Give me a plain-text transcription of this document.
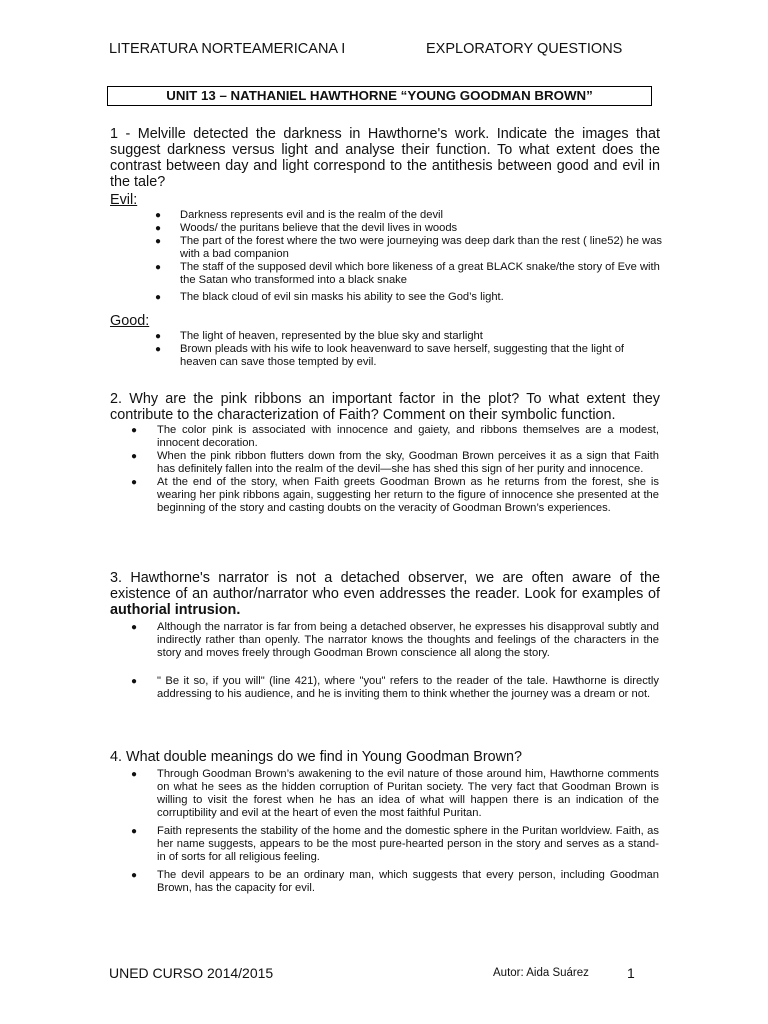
LITERATURA NORTEAMERICANA I	EXPLORATORY QUESTIONS
UNIT 13 – NATHANIEL HAWTHORNE “YOUNG GOODMAN BROWN”
1 - Melville detected the darkness in Hawthorne's work. Indicate the images that suggest darkness versus light and analyse their function. To what extent does the contrast between day and light correspond to the antithesis between good and evil in the tale?
Evil:
● Darkness represents evil and is the realm of the devil
● Woods/ the puritans believe that the devil lives in woods
● The part of the forest where the two were journeying was deep dark than the rest ( line52) he was with a bad companion
● The staff of the supposed devil which bore likeness of a great BLACK snake/the story of Eve with the Satan who transformed into a black snake
● The black cloud of evil sin masks his ability to see the God’s light.
Good:
● The light of heaven, represented by the blue sky and starlight
● Brown pleads with his wife to look heavenward to save herself, suggesting that the light of heaven can save those tempted by evil.
2. Why are the pink ribbons an important factor in the plot? To what extent they contribute to the characterization of Faith? Comment on their symbolic function.
● The color pink is associated with innocence and gaiety, and ribbons themselves are a modest, innocent decoration.
● When the pink ribbon flutters down from the sky, Goodman Brown perceives it as a sign that Faith has definitely fallen into the realm of the devil—she has shed this sign of her purity and innocence.
● At the end of the story, when Faith greets Goodman Brown as he returns from the forest, she is wearing her pink ribbons again, suggesting her return to the figure of innocence she presented at the beginning of the story and casting doubts on the veracity of Goodman Brown’s experiences.
3. Hawthorne's narrator is not a detached observer, we are often aware of the existence of an author/narrator who even addresses the reader. Look for examples of authorial intrusion.
● Although the narrator is far from being a detached observer, he expresses his disapproval subtly and indirectly rather than openly. The narrator knows the thoughts and feelings of the characters in the story and moves freely through Goodman Brown conscience all along the story.
● " Be it so, if you will" (line 421), where "you" refers to the reader of the tale. Hawthorne is directly addressing to his audience, and he is inviting them to think whether the journey was a dream or not.
4. What double meanings do we find in Young Goodman Brown?
● Through Goodman Brown’s awakening to the evil nature of those around him, Hawthorne comments on what he sees as the hidden corruption of Puritan society. The very fact that Goodman Brown is willing to visit the forest when he has an idea of what will happen there is an indication of the corruptibility and evil at the heart of even the most faithful Puritan.
● Faith represents the stability of the home and the domestic sphere in the Puritan worldview. Faith, as her name suggests, appears to be the most pure-hearted person in the story and serves as a stand-in of sorts for all religious feeling.
● The devil appears to be an ordinary man, which suggests that every person, including Goodman Brown, has the capacity for evil.
UNED CURSO 2014/2015	Autor: Aida Suárez	1
